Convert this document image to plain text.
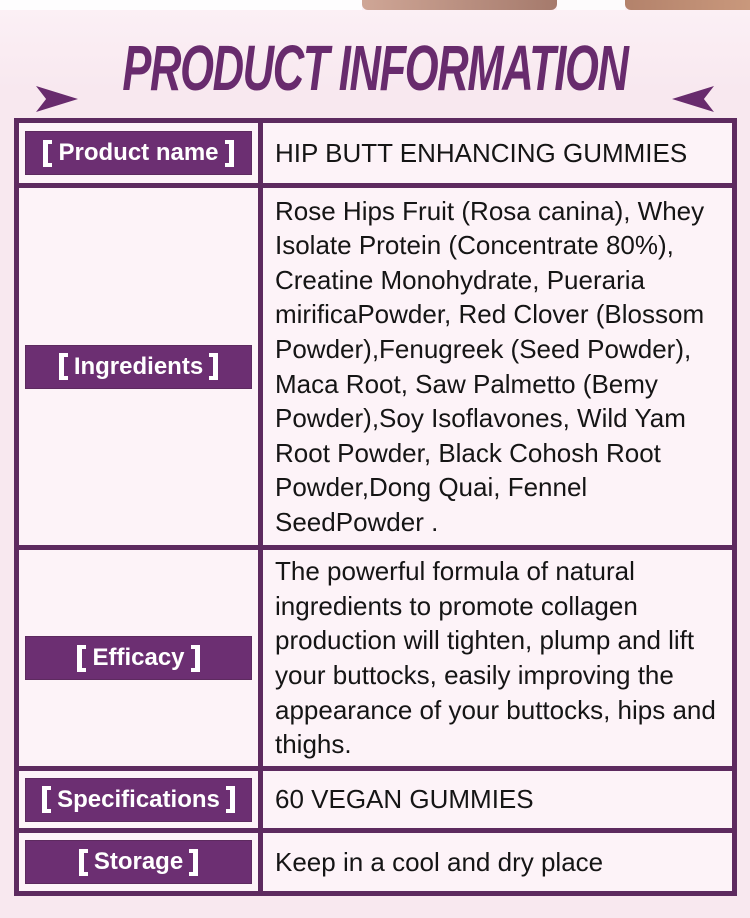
PRODUCT INFORMATION
Product name HIP BUTT ENHANCING GUMMIES

Ingredients

Rose Hips Fruit (Rosa canina), Whey Isolate Protein (Concentrate 80%),  Creatine Monohydrate, Pueraria mirificaPowder, Red Clover (Blossom Powder),Fenugreek (Seed Powder), Maca Root, Saw Palmetto (Bemy Powder),Soy Isoflavones, Wild Yam Root Powder, Black Cohosh Root Powder,Dong Quai, Fennel SeedPowder .

Efficacy

The powerful formula of natural ingredients to promote collagen production will tighten, plump and lift your buttocks, easily improving the appearance of your buttocks, hips and thighs.

Specifications 60 VEGAN GUMMIES

Storage	Keep in a cool and dry place
